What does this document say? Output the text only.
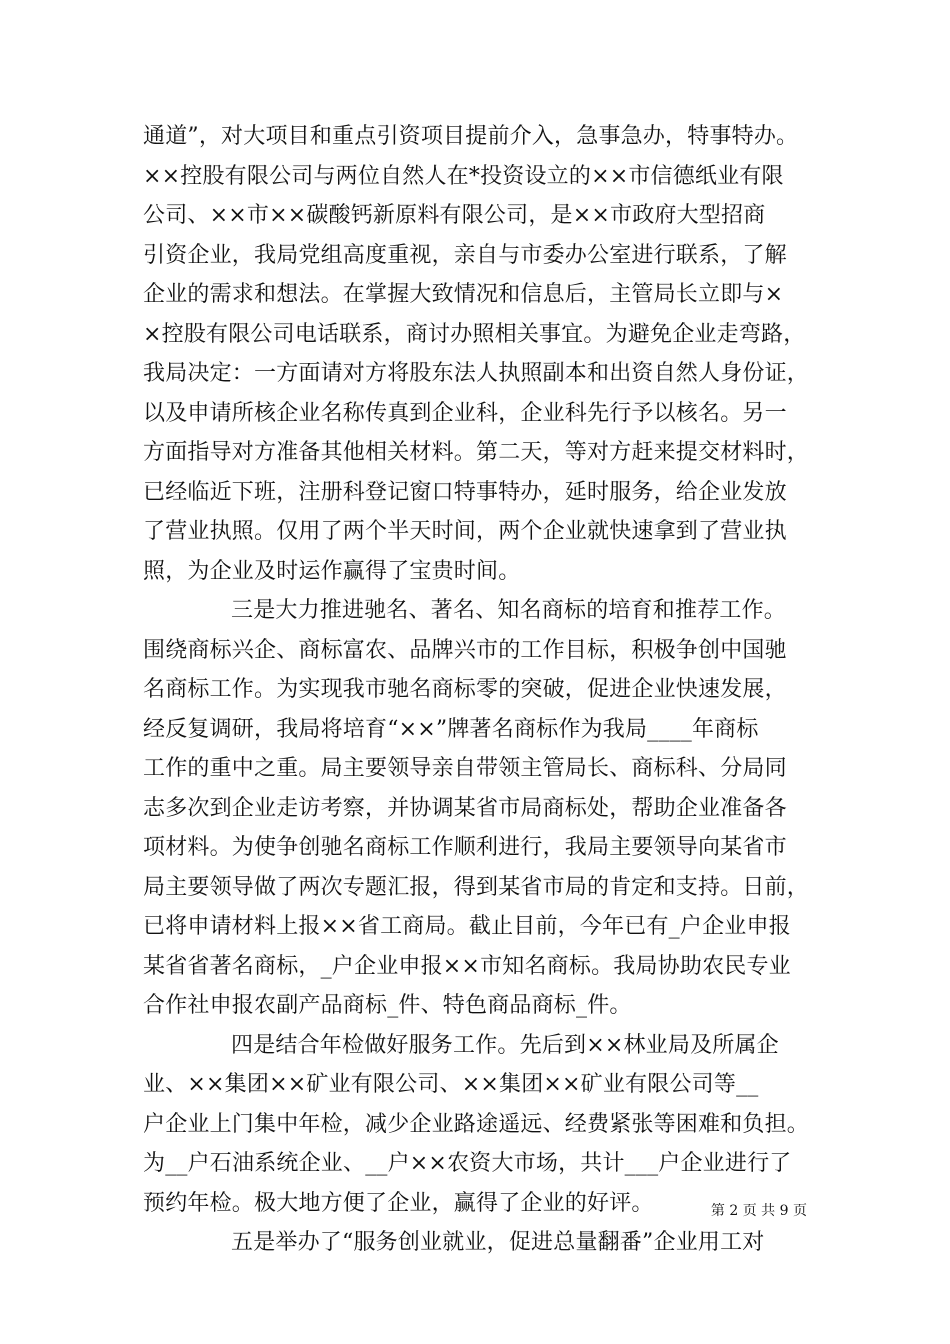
通道”，对大项目和重点引资项目提前介入，急事急办，特事特办。
××控股有限公司与两位自然人在*投资设立的××市信德纸业有限
公司、××市××碳酸钙新原料有限公司，是××市政府大型招商
引资企业，我局党组高度重视，亲自与市委办公室进行联系，了解
企业的需求和想法。在掌握大致情况和信息后，主管局长立即与×
×控股有限公司电话联系，商讨办照相关事宜。为避免企业走弯路，
我局决定：一方面请对方将股东法人执照副本和出资自然人身份证，
以及申请所核企业名称传真到企业科，企业科先行予以核名。另一
方面指导对方准备其他相关材料。第二天，等对方赶来提交材料时，
已经临近下班，注册科登记窗口特事特办，延时服务，给企业发放
了营业执照。仅用了两个半天时间，两个企业就快速拿到了营业执
照，为企业及时运作赢得了宝贵时间。
三是大力推进驰名、著名、知名商标的培育和推荐工作。
围绕商标兴企、商标富农、品牌兴市的工作目标，积极争创中国驰
名商标工作。为实现我市驰名商标零的突破，促进企业快速发展，
经反复调研，我局将培育“××”牌著名商标作为我局____年商标
工作的重中之重。局主要领导亲自带领主管局长、商标科、分局同
志多次到企业走访考察，并协调某省市局商标处，帮助企业准备各
项材料。为使争创驰名商标工作顺利进行，我局主要领导向某省市
局主要领导做了两次专题汇报，得到某省市局的肯定和支持。日前，
已将申请材料上报××省工商局。截止目前，今年已有_户企业申报
某省省著名商标，_户企业申报××市知名商标。我局协助农民专业
合作社申报农副产品商标_件、特色商品商标_件。
四是结合年检做好服务工作。先后到××林业局及所属企
业、××集团××矿业有限公司、××集团××矿业有限公司等__
户企业上门集中年检，减少企业路途遥远、经费紧张等困难和负担。
为__户石油系统企业、__户××农资大市场，共计___户企业进行了
预约年检。极大地方便了企业，赢得了企业的好评。
五是举办了“服务创业就业，促进总量翻番”企业用工对
第 2 页 共 9 页
